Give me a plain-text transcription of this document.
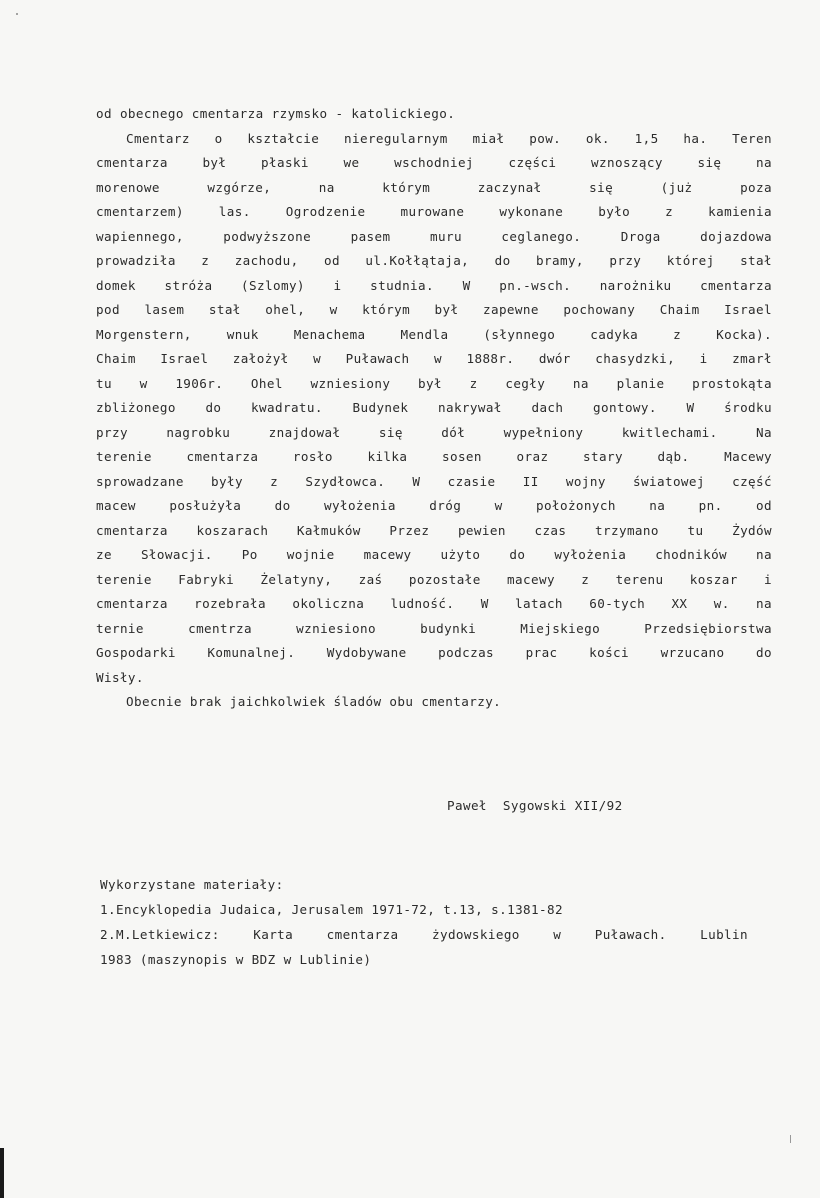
od obecnego cmentarza rzymsko - katolickiego.
Cmentarz o kształcie nieregularnym miał pow. ok. 1,5 ha. Teren
cmentarza był płaski we wschodniej części wznoszący się na
morenowe wzgórze, na którym zaczynał się (już poza
cmentarzem) las. Ogrodzenie murowane wykonane było z kamienia
wapiennego, podwyższone pasem muru ceglanego. Droga dojazdowa
prowadziła z zachodu, od ul.Kołłątaja, do bramy, przy której stał
domek stróża (Szlomy) i studnia. W pn.-wsch. narożniku cmentarza
pod lasem stał ohel, w którym był zapewne pochowany Chaim Israel
Morgenstern, wnuk Menachema Mendla (słynnego cadyka z Kocka).
Chaim Israel założył w Puławach w 1888r. dwór chasydzki, i zmarł
tu w 1906r. Ohel wzniesiony był z cegły na planie prostokąta
zbliżonego do kwadratu. Budynek nakrywał dach gontowy. W środku
przy nagrobku znajdował się dół wypełniony kwitlechami. Na
terenie cmentarza rosło kilka sosen oraz stary dąb. Macewy
sprowadzane były z Szydłowca. W czasie II wojny światowej część
macew posłużyła do wyłożenia dróg w położonych na pn. od
cmentarza koszarach Kałmuków Przez pewien czas trzymano tu Żydów
ze Słowacji. Po wojnie macewy użyto do wyłożenia chodników na
terenie Fabryki Żelatyny, zaś pozostałe macewy z terenu koszar i
cmentarza rozebrała okoliczna ludność. W latach 60-tych XX w. na
ternie cmentrza wzniesiono budynki Miejskiego Przedsiębiorstwa
Gospodarki Komunalnej. Wydobywane podczas prac kości wrzucano do
Wisły.
Obecnie brak jaichkolwiek śladów obu cmentarzy.
Paweł  Sygowski XII/92
Wykorzystane materiały:
1.Encyklopedia Judaica, Jerusalem 1971-72, t.13, s.1381-82
2.M.Letkiewicz: Karta cmentarza żydowskiego w Puławach. Lublin
1983 (maszynopis w BDZ w Lublinie)
